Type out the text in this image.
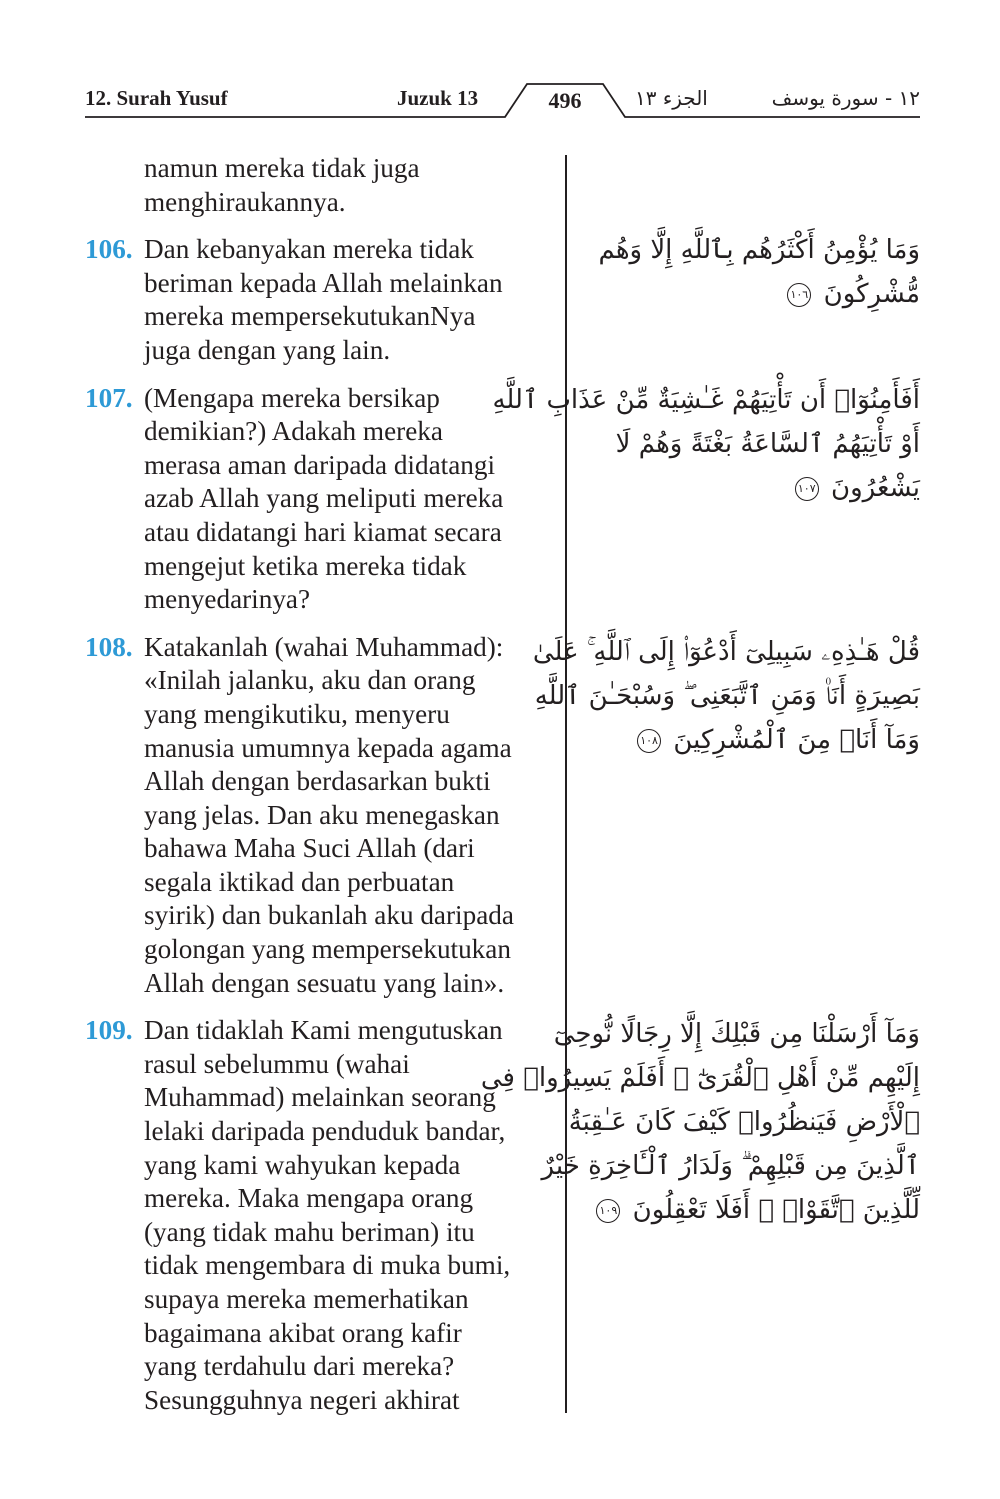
12. Surah Yusuf	Juzuk 13	496	الجزء ١٣	١٢ - سورة يوسف
namun mereka tidak juga
menghiraukannya.
106. Dan kebanyakan mereka tidak
beriman kepada Allah melainkan
mereka mempersekutukanNya
juga dengan yang lain.
107. (Mengapa mereka bersikap
demikian?) Adakah mereka
merasa aman daripada didatangi
azab Allah yang meliputi mereka
atau didatangi hari kiamat secara
mengejut ketika mereka tidak
menyedarinya?
108. Katakanlah (wahai Muhammad):
«Inilah jalanku, aku dan orang
yang mengikutiku, menyeru
manusia umumnya kepada agama
Allah dengan berdasarkan bukti
yang jelas. Dan aku menegaskan
bahawa Maha Suci Allah (dari
segala iktikad dan perbuatan
syirik) dan bukanlah aku daripada
golongan yang mempersekutukan
Allah dengan sesuatu yang lain».
109. Dan tidaklah Kami mengutuskan
rasul sebelummu (wahai
Muhammad) melainkan seorang
lelaki daripada penduduk bandar,
yang kami wahyukan kepada
mereka. Maka mengapa orang
(yang tidak mahu beriman) itu
tidak mengembara di muka bumi,
supaya mereka memerhatikan
bagaimana akibat orang kafir
yang terdahulu dari mereka?
Sesungguhnya negeri akhirat
وَمَا يُؤْمِنُ أَكْثَرُهُم بِٱللَّهِ إِلَّا وَهُم
مُّشْرِكُونَ ١٠٦
أَفَأَمِنُوٓا۟ أَن تَأْتِيَهُمْ غَـٰشِيَةٌ مِّنْ عَذَابِ ٱللَّهِ
أَوْ تَأْتِيَهُمُ ٱلسَّاعَةُ بَغْتَةً وَهُمْ لَا
يَشْعُرُونَ ١٠٧
قُلْ هَـٰذِهِۦ سَبِيلِىٓ أَدْعُوٓا۟ إِلَى ٱللَّهِ ۚ عَلَىٰ
بَصِيرَةٍ أَنَا۠ وَمَنِ ٱتَّبَعَنِى ۖ وَسُبْحَـٰنَ ٱللَّهِ
وَمَآ أَنَا۠ مِنَ ٱلْمُشْرِكِينَ ١٠٨
وَمَآ أَرْسَلْنَا مِن قَبْلِكَ إِلَّا رِجَالًا نُّوحِىٓ
إِلَيْهِم مِّنْ أَهْلِ ٱلْقُرَىٰٓ ۗ أَفَلَمْ يَسِيرُوا۟ فِى
ٱلْأَرْضِ فَيَنظُرُوا۟ كَيْفَ كَانَ عَـٰقِبَةُ
ٱلَّذِينَ مِن قَبْلِهِمْ ۗ وَلَدَارُ ٱلْـَٔاخِرَةِ خَيْرٌ
لِّلَّذِينَ ٱتَّقَوْا۟ ۗ أَفَلَا تَعْقِلُونَ ١٠٩
